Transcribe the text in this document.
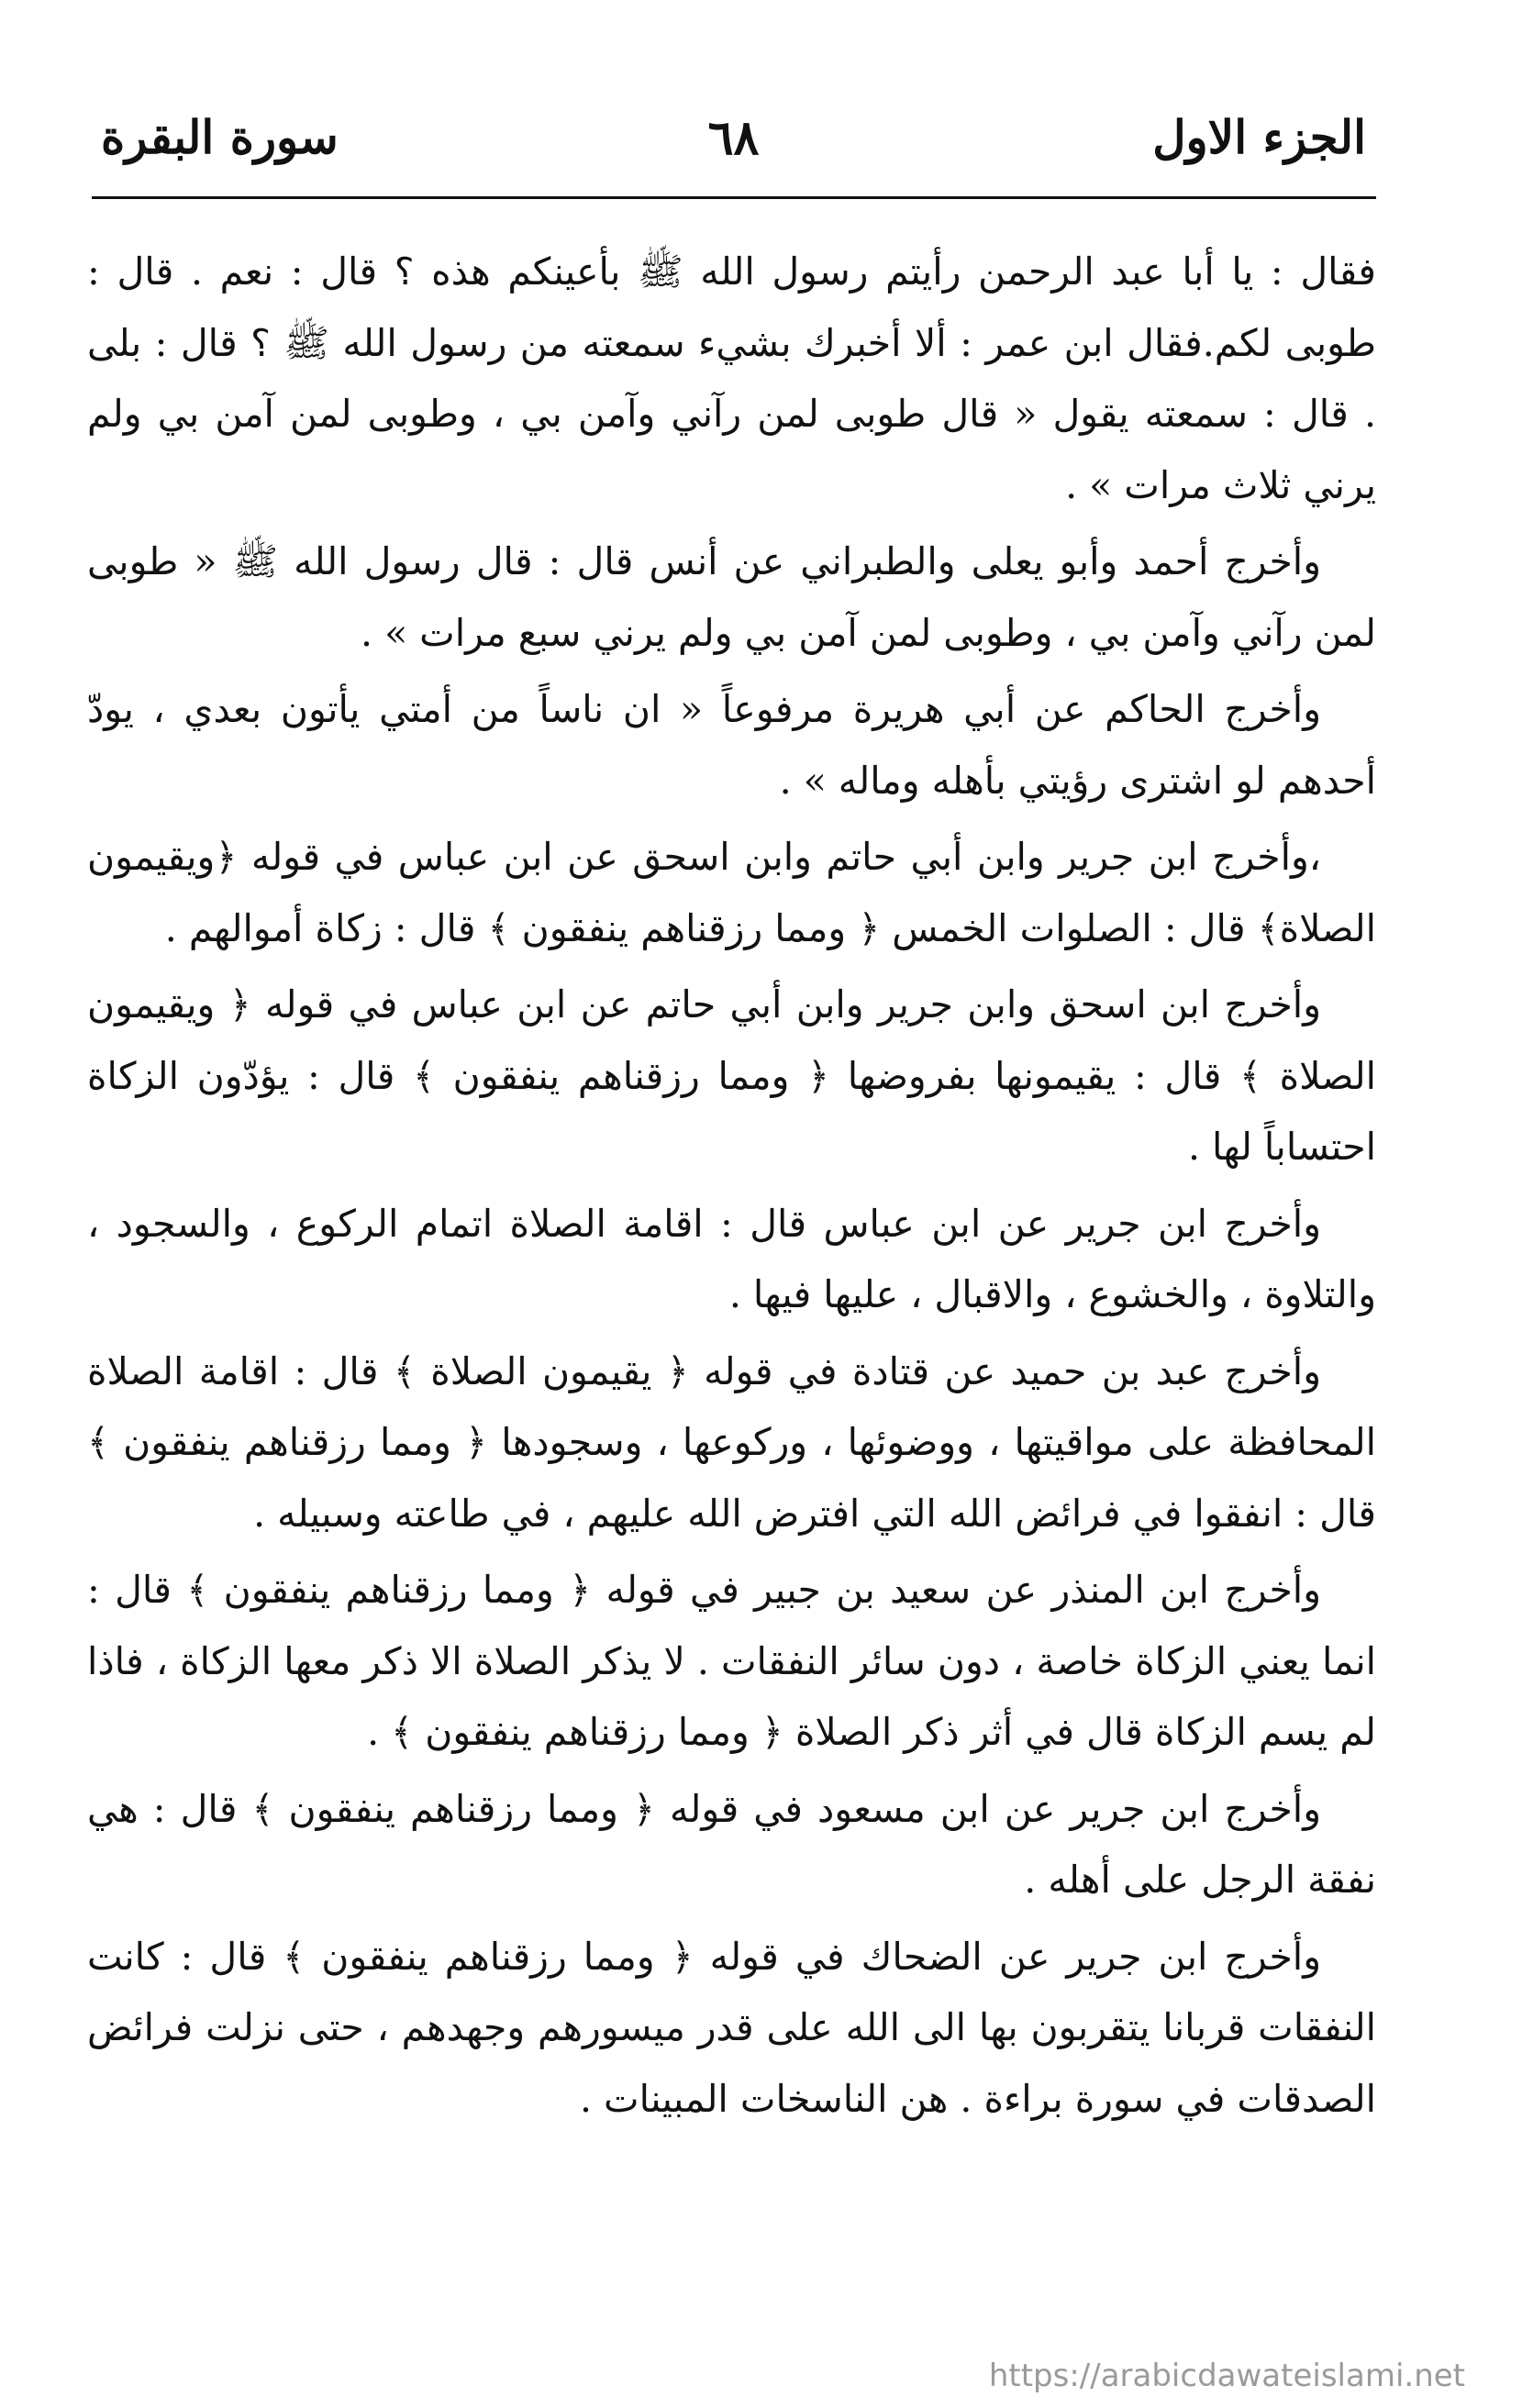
الجزء الاول
٦٨
سورة البقرة

فقال : يا أبا عبد الرحمن رأيتم رسول الله ﷺ بأعينكم هذه ؟ قال : نعم . قال : طوبى لكم.فقال ابن عمر : ألا أخبرك بشيء سمعته من رسول الله ﷺ ؟ قال : بلى . قال : سمعته يقول « قال طوبى لمن رآني وآمن بي ، وطوبى لمن آمن بي ولم يرني ثلاث مرات » .

وأخرج أحمد وأبو يعلى والطبراني عن أنس قال : قال رسول الله ﷺ « طوبى لمن رآني وآمن بي ، وطوبى لمن آمن بي ولم يرني سبع مرات » .

وأخرج الحاكم عن أبي هريرة مرفوعاً « ان ناساً من أمتي يأتون بعدي ، يودّ أحدهم لو اشترى رؤيتي بأهله وماله » .

،وأخرج ابن جرير وابن أبي حاتم وابن اسحق عن ابن عباس في قوله ﴿ويقيمون الصلاة﴾ قال : الصلوات الخمس ﴿ ومما رزقناهم ينفقون ﴾ قال : زكاة أموالهم .

وأخرج ابن اسحق وابن جرير وابن أبي حاتم عن ابن عباس في قوله ﴿ ويقيمون الصلاة ﴾ قال : يقيمونها بفروضها ﴿ ومما رزقناهم ينفقون ﴾ قال : يؤدّون الزكاة احتساباً لها .

وأخرج ابن جرير عن ابن عباس قال : اقامة الصلاة اتمام الركوع ، والسجود ، والتلاوة ، والخشوع ، والاقبال ، عليها فيها .

وأخرج عبد بن حميد عن قتادة في قوله ﴿ يقيمون الصلاة ﴾ قال : اقامة الصلاة المحافظة على مواقيتها ، ووضوئها ، وركوعها ، وسجودها ﴿ ومما رزقناهم ينفقون ﴾ قال : انفقوا في فرائض الله التي افترض الله عليهم ، في طاعته وسبيله .

وأخرج ابن المنذر عن سعيد بن جبير في قوله ﴿ ومما رزقناهم ينفقون ﴾ قال : انما يعني الزكاة خاصة ، دون سائر النفقات . لا يذكر الصلاة الا ذكر معها الزكاة ، فاذا لم يسم الزكاة قال في أثر ذكر الصلاة ﴿ ومما رزقناهم ينفقون ﴾ .

وأخرج ابن جرير عن ابن مسعود في قوله ﴿ ومما رزقناهم ينفقون ﴾ قال : هي نفقة الرجل على أهله .

وأخرج ابن جرير عن الضحاك في قوله ﴿ ومما رزقناهم ينفقون ﴾ قال : كانت النفقات قربانا يتقربون بها الى الله على قدر ميسورهم وجهدهم ، حتى نزلت فرائض الصدقات في سورة براءة . هن الناسخات المبينات .

https://arabicdawateislami.net
